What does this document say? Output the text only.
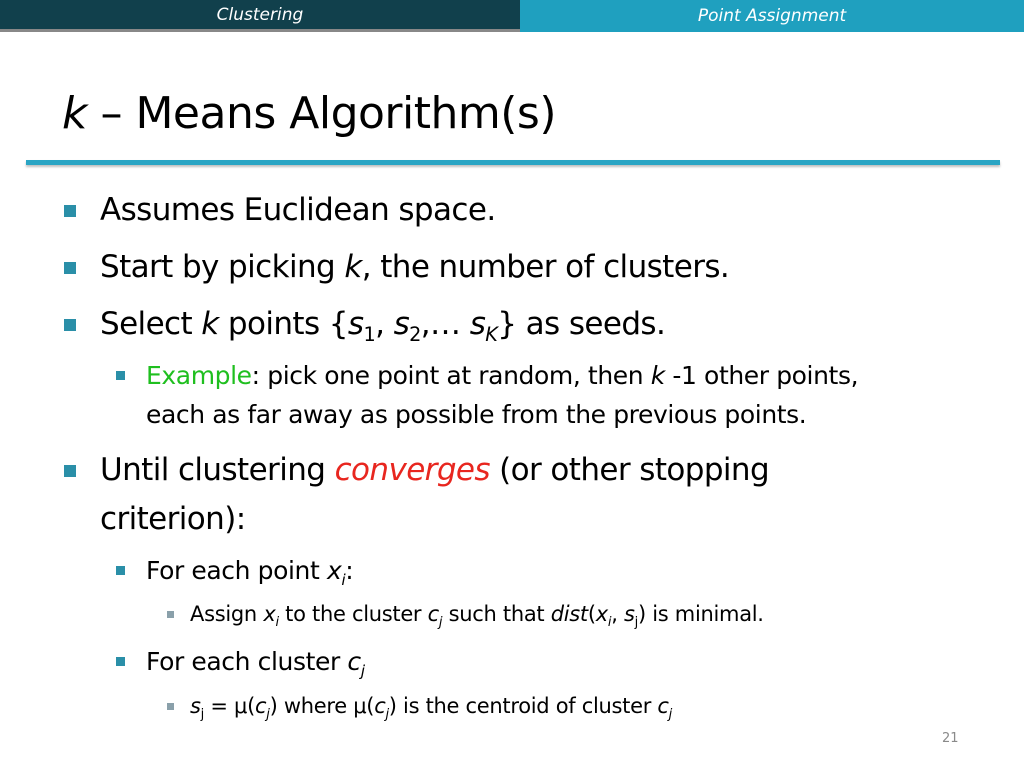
Clustering	Point Assignment
k – Means Algorithm(s)
Assumes Euclidean space.
Start by picking k, the number of clusters.
Select k points {$s_1$, $s_2,\dots$ $s_K$} as seeds.
Example: pick one point at random, then k -1 other points,
each as far away as possible from the previous points.
Until clustering converges (or other stopping
criterion):
For each point $x_i$:
Assign $x_i$ to the cluster $c_j$ such that $dist(x_i$, $s_j$) is minimal.
For each cluster $c_j$
$s_j = \mu(c_j)$ where $\mu(c_j)$ is the centroid of cluster $c_j$
21
